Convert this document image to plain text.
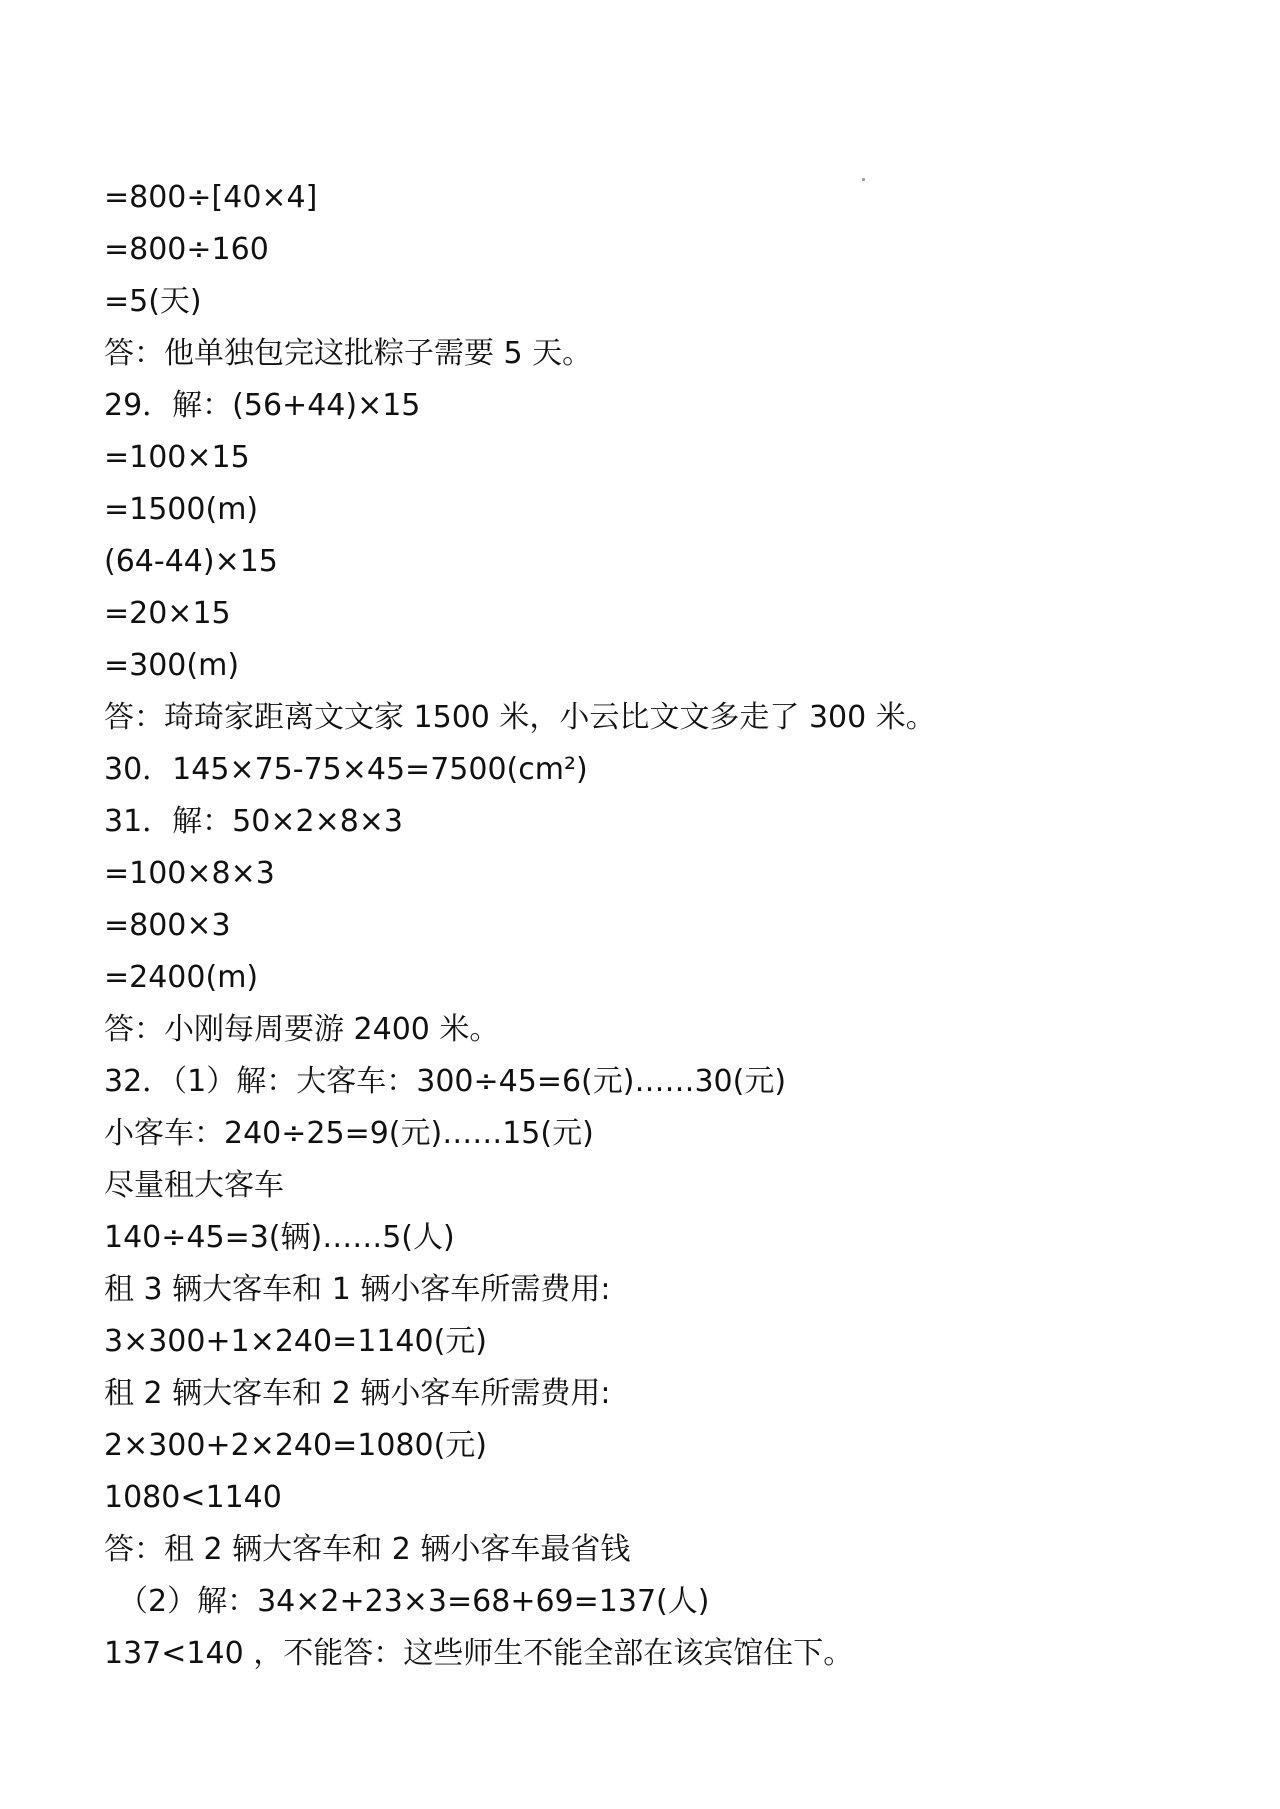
=800÷[40×4]
=800÷160
=5(天)
答：他单独包完这批粽子需要 5 天。
29．解：(56+44)×15
=100×15
=1500(m)
(64-44)×15
=20×15
=300(m)
答：琦琦家距离文文家 1500 米，小云比文文多走了 300 米。
30．145×75-75×45=7500(cm²)
31．解：50×2×8×3
=100×8×3
=800×3
=2400(m)
答：小刚每周要游 2400 米。
32．（1）解：大客车：300÷45=6(元)……30(元)
小客车：240÷25=9(元)……15(元)
尽量租大客车
140÷45=3(辆)……5(人)
租 3 辆大客车和 1 辆小客车所需费用:
3×300+1×240=1140(元)
租 2 辆大客车和 2 辆小客车所需费用:
2×300+2×240=1080(元)
1080<1140
答：租 2 辆大客车和 2 辆小客车最省钱
（2）解：34×2+23×3=68+69=137(人)
137<140 ，不能答：这些师生不能全部在该宾馆住下。
